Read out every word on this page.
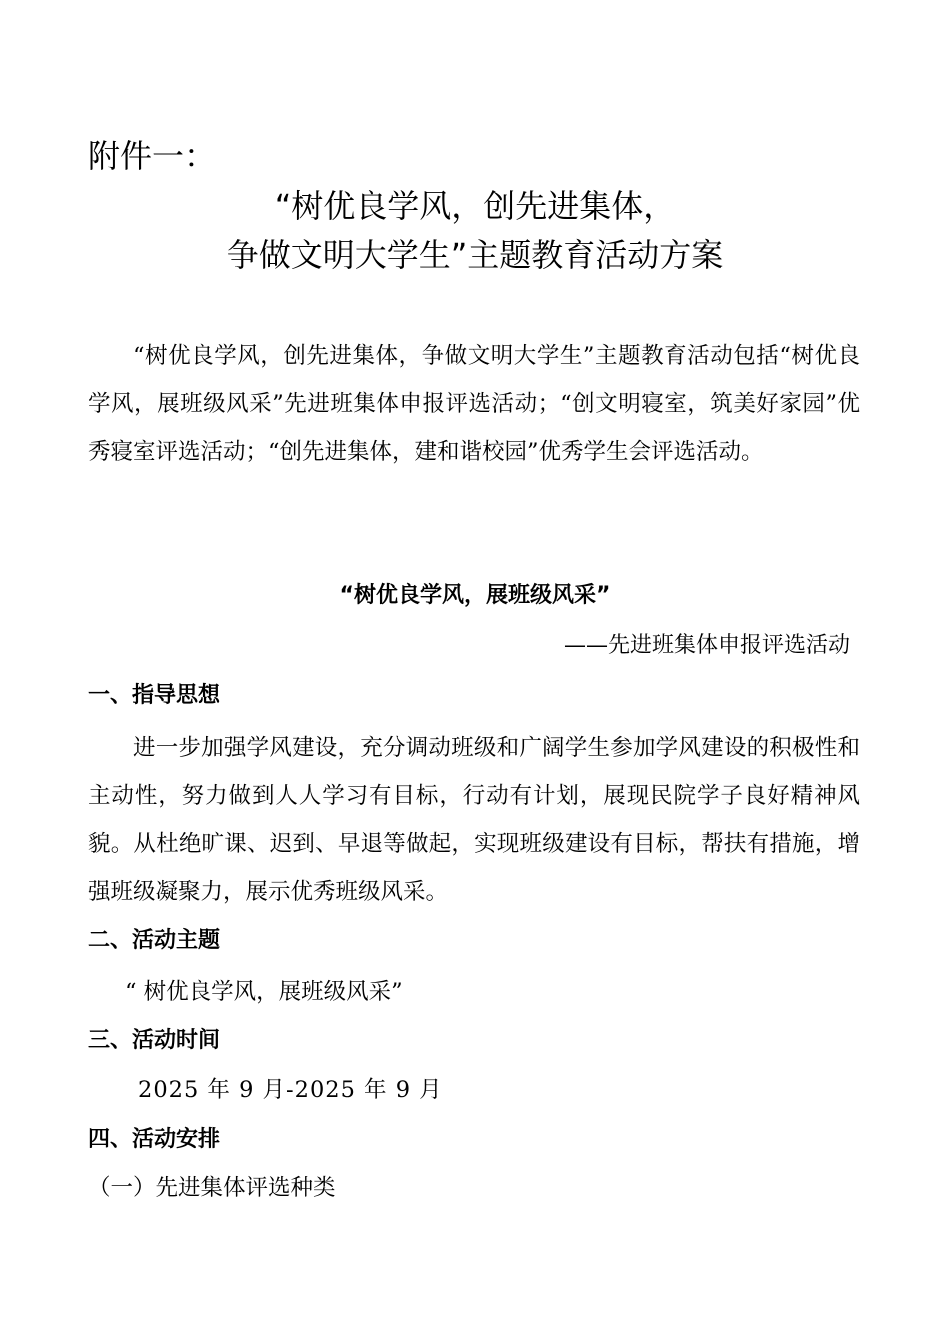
附件一：

“树优良学风，创先进集体，
争做文明大学生”主题教育活动方案

“树优良学风，创先进集体，争做文明大学生”主题教育活动包括“树优良学风，展班级风采”先进班集体申报评选活动；“创文明寝室，筑美好家园”优秀寝室评选活动；“创先进集体，建和谐校园”优秀学生会评选活动。

“树优良学风，展班级风采”

——先进班集体申报评选活动

一、指导思想

进一步加强学风建设，充分调动班级和广阔学生参加学风建设的积极性和主动性，努力做到人人学习有目标，行动有计划，展现民院学子良好精神风貌。从杜绝旷课、迟到、早退等做起，实现班级建设有目标，帮扶有措施，增强班级凝聚力，展示优秀班级风采。

二、活动主题

“ 树优良学风，展班级风采”

三、活动时间

2025 年 9 月-2025 年 9 月

四、活动安排

（一）先进集体评选种类
